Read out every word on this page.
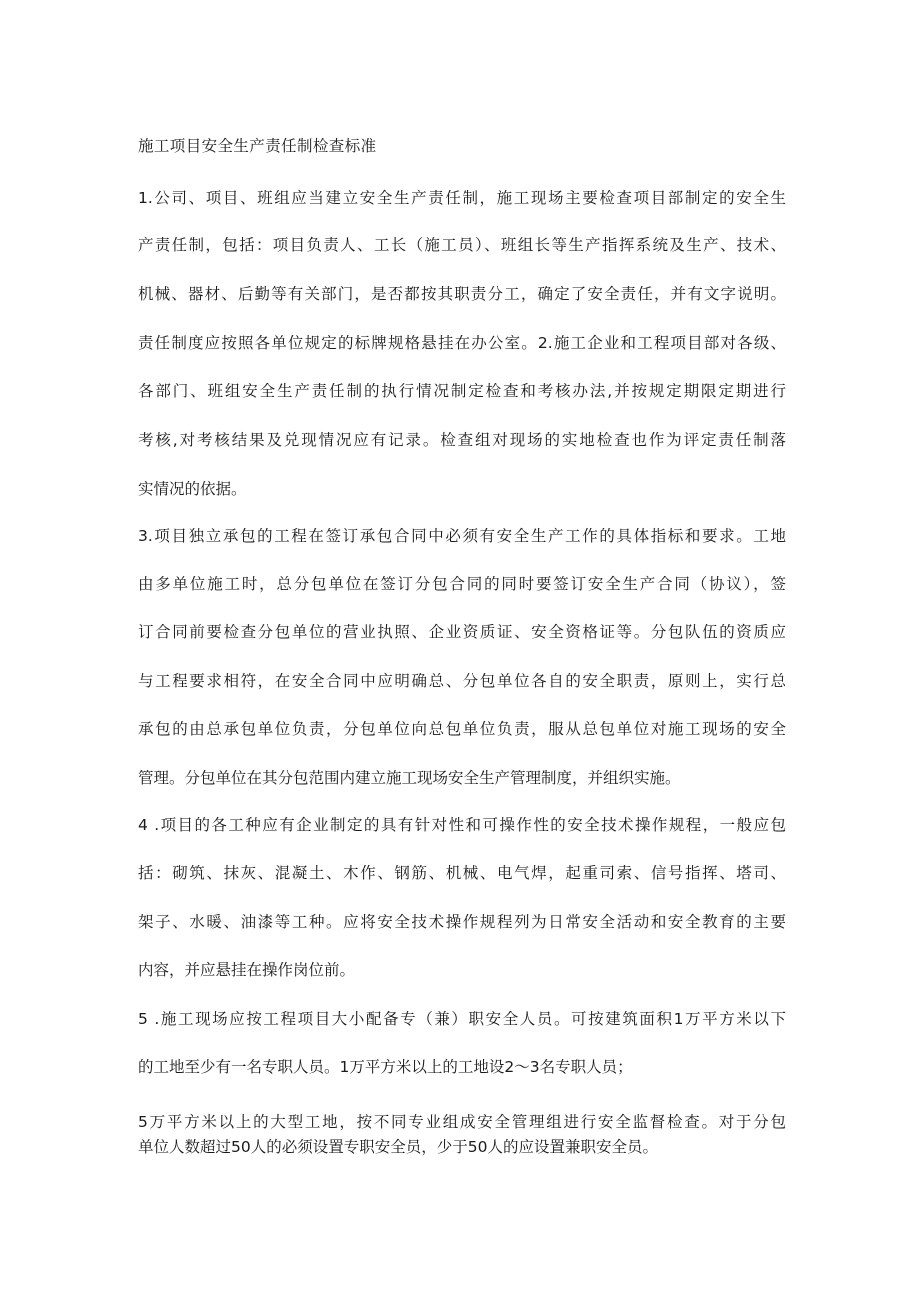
施工项目安全生产责任制检查标准
1.公司、项目、班组应当建立安全生产责任制，施工现场主要检查项目部制定的安全生
产责任制，包括：项目负责人、工长（施工员）、班组长等生产指挥系统及生产、技术、
机械、器材、后勤等有关部门，是否都按其职责分工，确定了安全责任，并有文字说明。
责任制度应按照各单位规定的标牌规格悬挂在办公室。2.施工企业和工程项目部对各级、
各部门、班组安全生产责任制的执行情况制定检查和考核办法,并按规定期限定期进行
考核,对考核结果及兑现情况应有记录。检查组对现场的实地检查也作为评定责任制落
实情况的依据。
3.项目独立承包的工程在签订承包合同中必须有安全生产工作的具体指标和要求。工地
由多单位施工时，总分包单位在签订分包合同的同时要签订安全生产合同（协议），签
订合同前要检查分包单位的营业执照、企业资质证、安全资格证等。分包队伍的资质应
与工程要求相符，在安全合同中应明确总、分包单位各自的安全职责，原则上，实行总
承包的由总承包单位负责，分包单位向总包单位负责，服从总包单位对施工现场的安全
管理。分包单位在其分包范围内建立施工现场安全生产管理制度，并组织实施。
4 .项目的各工种应有企业制定的具有针对性和可操作性的安全技术操作规程，一般应包
括：砌筑、抹灰、混凝土、木作、钢筋、机械、电气焊，起重司索、信号指挥、塔司、
架子、水暖、油漆等工种。应将安全技术操作规程列为日常安全活动和安全教育的主要
内容，并应悬挂在操作岗位前。
5 .施工现场应按工程项目大小配备专（兼）职安全人员。可按建筑面积1万平方米以下
的工地至少有一名专职人员。1万平方米以上的工地设2～3名专职人员；
5万平方米以上的大型工地，按不同专业组成安全管理组进行安全监督检查。对于分包
单位人数超过50人的必须设置专职安全员，少于50人的应设置兼职安全员。
